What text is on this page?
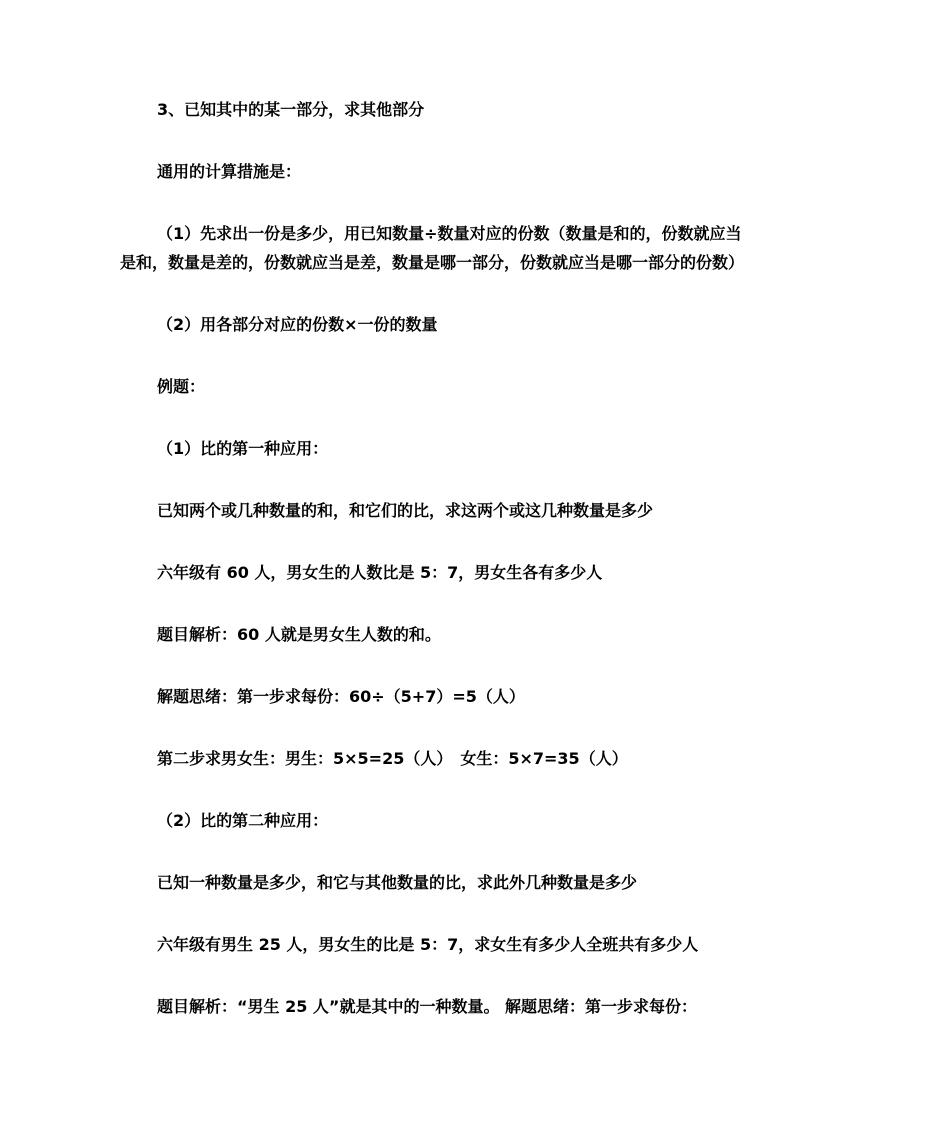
3、已知其中的某一部分，求其他部分
通用的计算措施是：
（1）先求出一份是多少，用已知数量÷数量对应的份数（数量是和的，份数就应当
是和，数量是差的，份数就应当是差，数量是哪一部分，份数就应当是哪一部分的份数）
（2）用各部分对应的份数×一份的数量
例题：
（1）比的第一种应用：
已知两个或几种数量的和，和它们的比，求这两个或这几种数量是多少
六年级有 60 人，男女生的人数比是 5：7，男女生各有多少人
题目解析：60 人就是男女生人数的和。
解题思绪：第一步求每份：60÷（5+7）=5（人）
第二步求男女生：男生：5×5=25（人）　女生：5×7=35（人）
（2）比的第二种应用：
已知一种数量是多少，和它与其他数量的比，求此外几种数量是多少
六年级有男生 25 人，男女生的比是 5：7，求女生有多少人全班共有多少人
题目解析：“男生 25 人”就是其中的一种数量。 解题思绪：第一步求每份：
